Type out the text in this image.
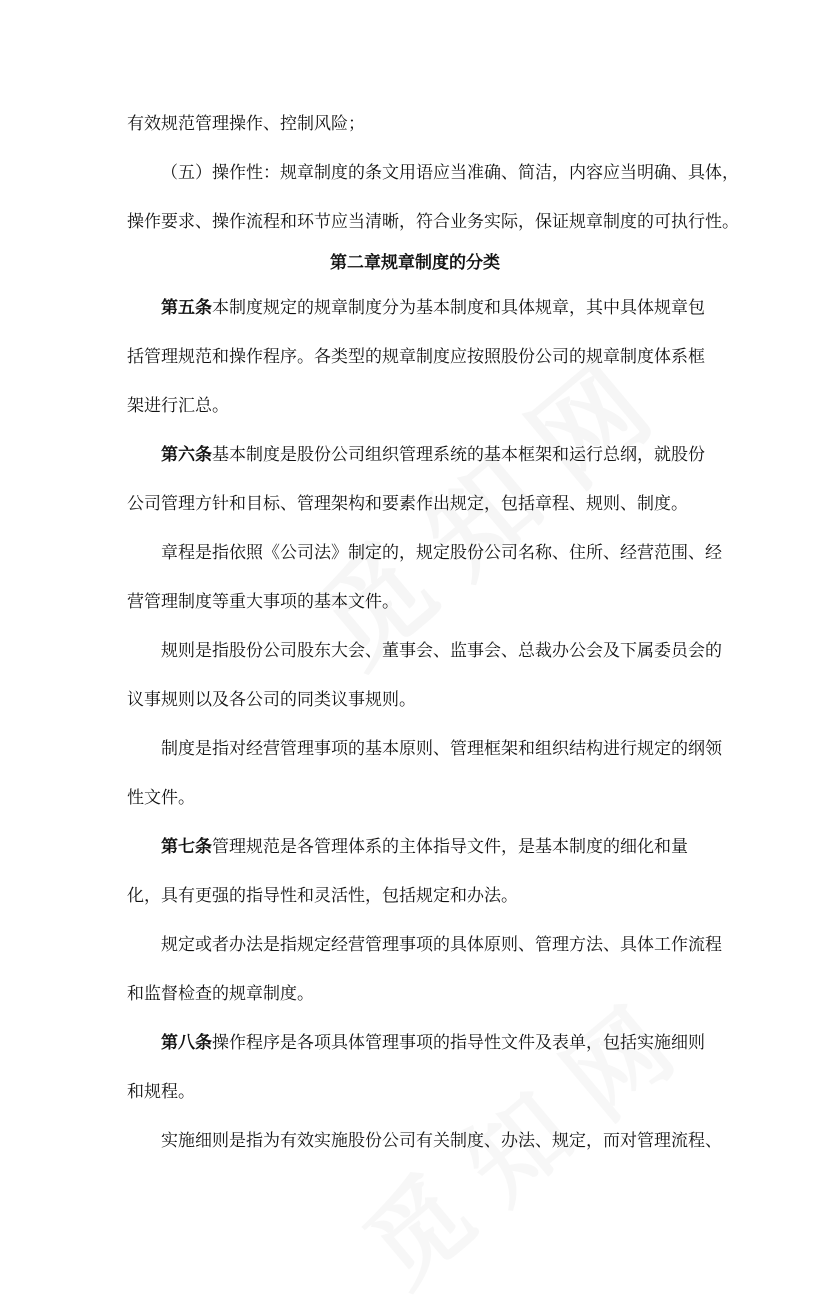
有效规范管理操作、控制风险；
（五）操作性：规章制度的条文用语应当准确、简洁，内容应当明确、具体，
操作要求、操作流程和环节应当清晰，符合业务实际，保证规章制度的可执行性。
第二章规章制度的分类
第五条本制度规定的规章制度分为基本制度和具体规章，其中具体规章包
括管理规范和操作程序。各类型的规章制度应按照股份公司的规章制度体系框
架进行汇总。
第六条基本制度是股份公司组织管理系统的基本框架和运行总纲，就股份
公司管理方针和目标、管理架构和要素作出规定，包括章程、规则、制度。
章程是指依照《公司法》制定的，规定股份公司名称、住所、经营范围、经
营管理制度等重大事项的基本文件。
规则是指股份公司股东大会、董事会、监事会、总裁办公会及下属委员会的
议事规则以及各公司的同类议事规则。
制度是指对经营管理事项的基本原则、管理框架和组织结构进行规定的纲领
性文件。
第七条管理规范是各管理体系的主体指导文件，是基本制度的细化和量
化，具有更强的指导性和灵活性，包括规定和办法。
规定或者办法是指规定经营管理事项的具体原则、管理方法、具体工作流程
和监督检查的规章制度。
第八条操作程序是各项具体管理事项的指导性文件及表单，包括实施细则
和规程。
实施细则是指为有效实施股份公司有关制度、办法、规定，而对管理流程、
